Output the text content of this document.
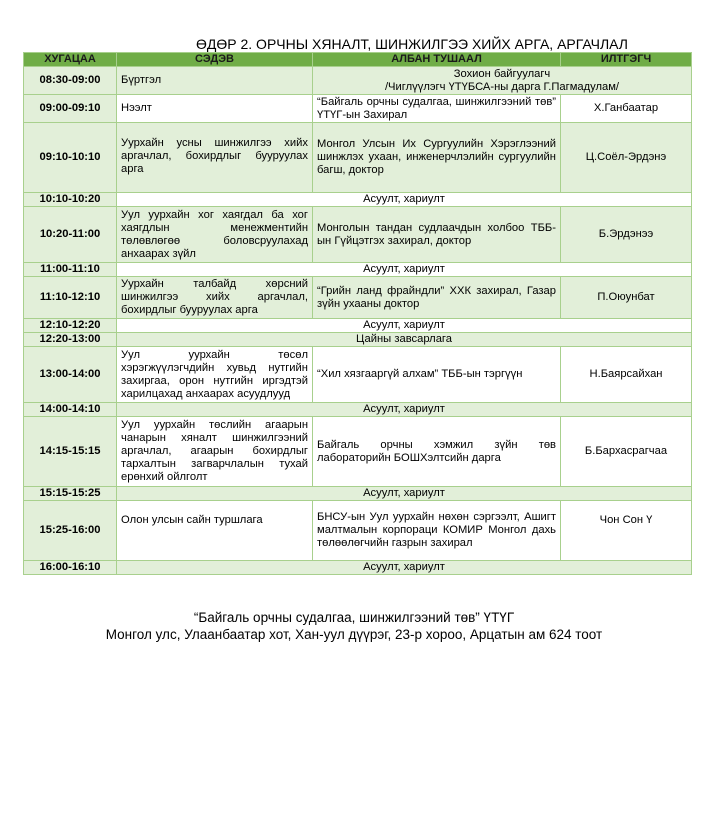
ӨДӨР 2. ОРЧНЫ ХЯНАЛТ, ШИНЖИЛГЭЭ ХИЙХ АРГА, АРГАЧЛАЛ
ХУГАЦАА	СЭДЭВ	АЛБАН ТУШААЛ	ИЛТГЭГЧ
08:30-09:00	Бүртгэл	Зохион байгуулагч
/Чиглүүлэгч ҮТҮБСА-ны дарга Г.Пагмадулам/	

09:00-09:10	Нээлт	“Байгаль орчны судалгаа, шинжилгээний төв” ҮТҮГ-ын Захирал	Х.Ганбаатар
09:10-10:10	Уурхайн усны шинжилгээ хийх аргачлал, бохирдлыг бууруулах арга	Монгол Улсын Их Сургуулийн Хэрэглээний шинжлэх ухаан, инженерчлэлийн сургуулийн багш, доктор	Ц.Соёл-Эрдэнэ
10:10-10:20	Асуулт, хариулт		
10:20-11:00	Уул уурхайн хог хаягдал ба хог хаягдлын менежментийн төлөвлөгөө боловсруулахад анхаарах зүйл	Монголын тандан судлаачдын холбоо ТББ-ын Гүйцэтгэх захирал, доктор	Б.Эрдэнээ
11:00-11:10	Асуулт, хариулт		
11:10-12:10	Уурхайн талбайд хөрсний шинжилгээ хийх аргачлал, бохирдлыг бууруулах арга	“Грийн ланд фрайндли” ХХК захирал, Газар зүйн ухааны доктор	П.Оюунбат
12:10-12:20	Асуулт, хариулт		
12:20-13:00	Цайны завсарлага		
13:00-14:00	Уул уурхайн төсөл хэрэгжүүлэгчдийн хувьд нутгийн захиргаа, орон нутгийн иргэдтэй харилцахад анхаарах асуудлууд	“Хил хязгааргүй алхам” ТББ-ын тэргүүн	Н.Баярсайхан
14:00-14:10	Асуулт, хариулт		
14:15-15:15	Уул уурхайн төслийн агаарын чанарын хяналт шинжилгээний аргачлал, агаарын бохирдлыг тархалтын загварчлалын тухай ерөнхий ойлголт	Байгаль орчны хэмжил зүйн төв лабораторийн БОШХэлтсийн дарга	Б.Бархасрагчаа
15:15-15:25	Асуулт, хариулт		
15:25-16:00	Олон улсын сайн туршлага	БНСУ-ын Уул уурхайн нөхөн сэргээлт, Ашигт малтмалын корпораци КОМИР Монгол дахь төлөөлөгчийн газрын захирал	Чон Сон Ү
16:00-16:10	Асуулт, хариулт		
“Байгаль орчны судалгаа, шинжилгээний төв” ҮТҮГ
Монгол улс, Улаанбаатар хот, Хан-уул дүүрэг, 23-р хороо, Арцатын ам 624 тоот
